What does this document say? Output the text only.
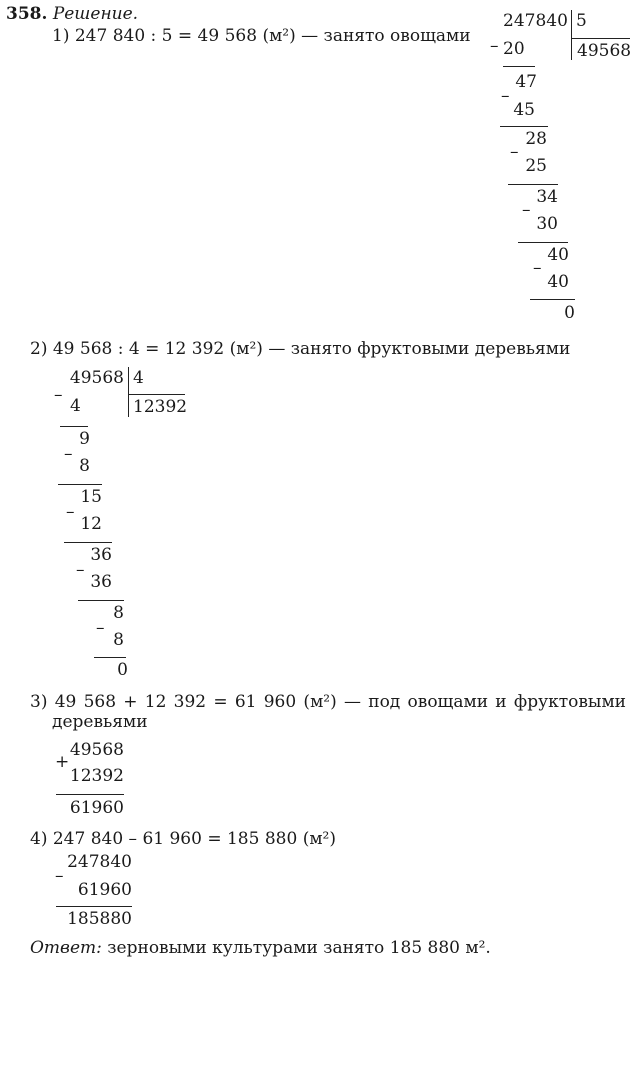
358. Решение.
1) 247 840 : 5 = 49 568 (м²) — занято овощами –
247840 5
49568
20
–
47
45
–
28
25
–
34
30
–
40
40
0
2) 49 568 : 4 = 12 392 (м²) — занято фруктовыми деревьями
–
49568 4
12392
4
–
9
8
–
15
12
–
36
36
–
8
8
0
3) 49 568 + 12 392 = 61 960 (м²) — под овощами и фруктовыми
деревьями
+
49568
12392
61960
4) 247 840 – 61 960 = 185 880 (м²)
–
247840
61960
185880
Ответ: зерновыми культурами занято 185 880 м².
